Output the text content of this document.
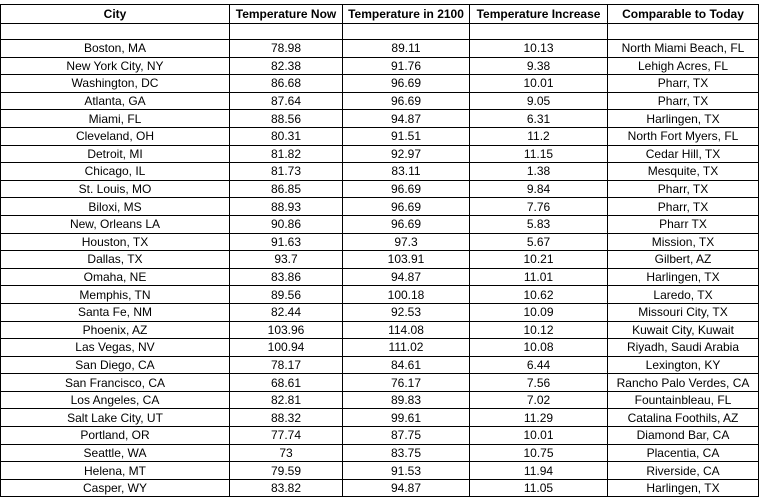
City	Temperature Now	Temperature in 2100	Temperature Increase	Comparable to Today

Boston, MA	78.98	89.11	10.13	North Miami Beach, FL
New York City, NY	82.38	91.76	9.38	Lehigh Acres, FL
Washington, DC	86.68	96.69	10.01	Pharr, TX
Atlanta, GA	87.64	96.69	9.05	Pharr, TX
Miami, FL	88.56	94.87	6.31	Harlingen, TX
Cleveland, OH	80.31	91.51	11.2	North Fort Myers, FL
Detroit, MI	81.82	92.97	11.15	Cedar Hill, TX
Chicago, IL	81.73	83.11	1.38	Mesquite, TX
St. Louis, MO	86.85	96.69	9.84	Pharr, TX
Biloxi, MS	88.93	96.69	7.76	Pharr, TX
New, Orleans LA	90.86	96.69	5.83	Pharr TX
Houston, TX	91.63	97.3	5.67	Mission, TX
Dallas, TX	93.7	103.91	10.21	Gilbert, AZ
Omaha, NE	83.86	94.87	11.01	Harlingen, TX
Memphis, TN	89.56	100.18	10.62	Laredo, TX
Santa Fe, NM	82.44	92.53	10.09	Missouri City, TX
Phoenix, AZ	103.96	114.08	10.12	Kuwait City, Kuwait
Las Vegas, NV	100.94	111.02	10.08	Riyadh, Saudi Arabia
San Diego, CA	78.17	84.61	6.44	Lexington, KY
San Francisco, CA	68.61	76.17	7.56	Rancho Palo Verdes, CA
Los Angeles, CA	82.81	89.83	7.02	Fountainbleau, FL
Salt Lake City, UT	88.32	99.61	11.29	Catalina Foothils, AZ
Portland, OR	77.74	87.75	10.01	Diamond Bar, CA
Seattle, WA	73	83.75	10.75	Placentia, CA
Helena, MT	79.59	91.53	11.94	Riverside, CA
Casper, WY	83.82	94.87	11.05	Harlingen, TX
